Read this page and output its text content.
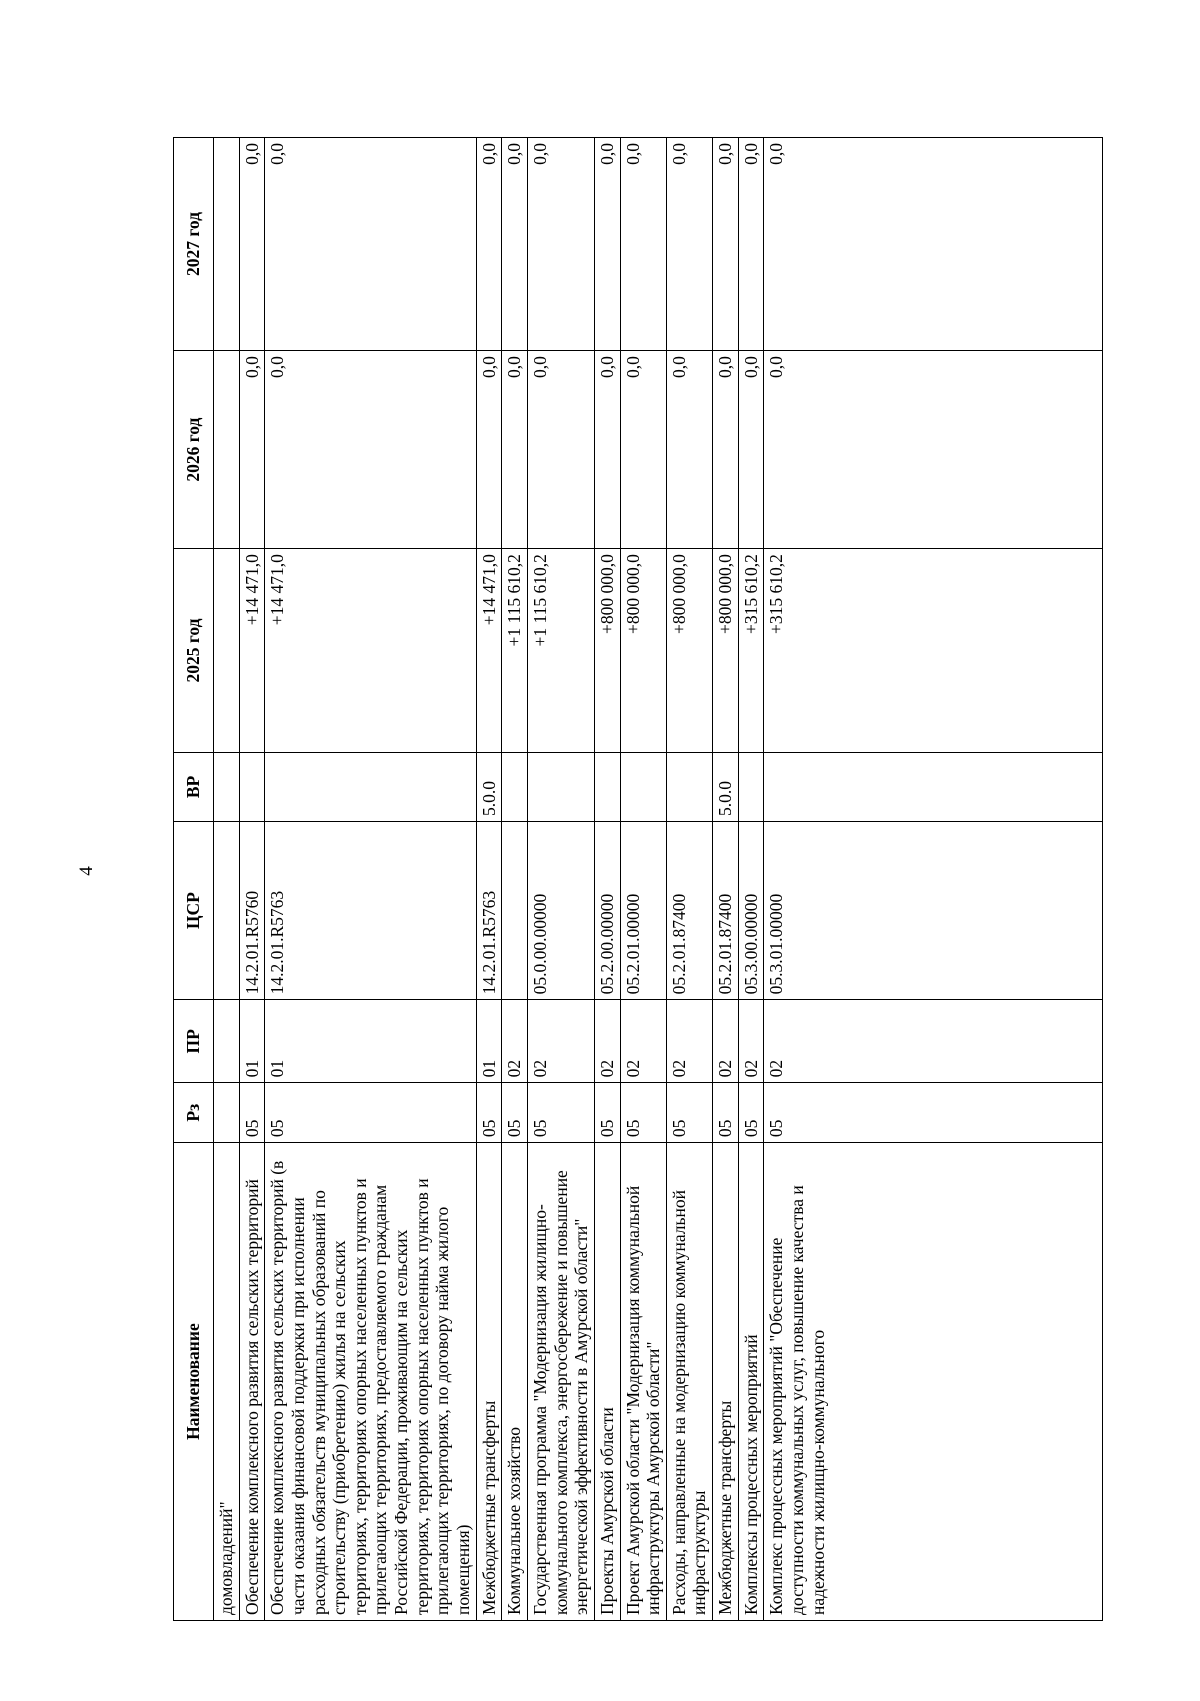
4
Наименование	Рз	ПР	ЦСР	ВР	2025 год	2026 год	2027 год
домовладений"							
Обеспечение комплексного развития сельских территорий	05	01	14.2.01.R5760		+14 471,0	0,0	0,0
Обеспечение комплексного развития сельских территорий (в части оказания финансовой поддержки при исполнении расходных обязательств муниципальных образований по строительству (приобретению) жилья на сельских территориях, территориях опорных населенных пунктов и прилегающих территориях, предоставляемого гражданам Российской Федерации, проживающим на сельских территориях, территориях опорных населенных пунктов и прилегающих территориях, по договору найма жилого помещения)	05	01	14.2.01.R5763		+14 471,0	0,0	0,0
Межбюджетные трансферты	05	01	14.2.01.R5763	5.0.0	+14 471,0	0,0	0,0
Коммунальное хозяйство	05	02			+1 115 610,2	0,0	0,0
Государственная программа "Модернизация жилищно-коммунального комплекса, энергосбережение и повышение энергетической эффективности в Амурской области"	05	02	05.0.00.00000		+1 115 610,2	0,0	0,0
Проекты Амурской области	05	02	05.2.00.00000		+800 000,0	0,0	0,0
Проект Амурской области "Модернизация коммунальной инфраструктуры Амурской области"	05	02	05.2.01.00000		+800 000,0	0,0	0,0
Расходы, направленные на модернизацию коммунальной инфраструктуры	05	02	05.2.01.87400		+800 000,0	0,0	0,0
Межбюджетные трансферты	05	02	05.2.01.87400	5.0.0	+800 000,0	0,0	0,0
Комплексы процессных мероприятий	05	02	05.3.00.00000		+315 610,2	0,0	0,0
Комплекс процессных мероприятий "Обеспечение доступности коммунальных услуг, повышение качества и надежности жилищно-коммунального	05	02	05.3.01.00000		+315 610,2	0,0	0,0
